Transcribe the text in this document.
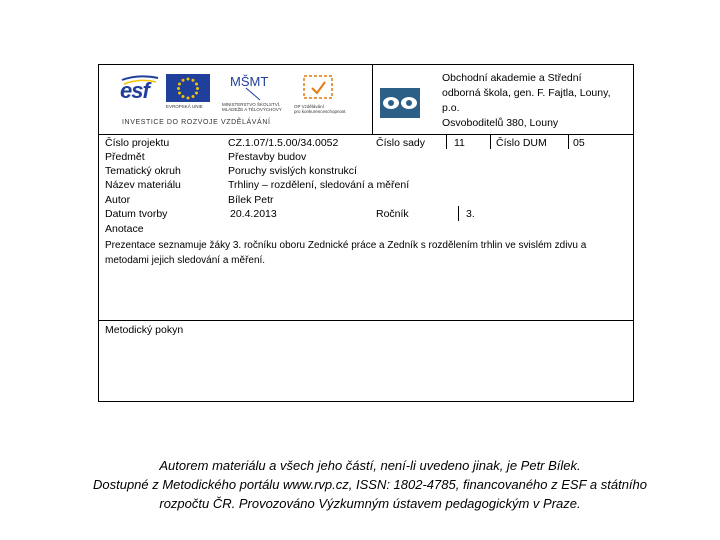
esf
EVROPSKÁ UNIE
MŠMT
MINISTERSTVO ŠKOLSTVÍ,
MLÁDEŽE A TĚLOVÝCHOVY
OP Vzdělávání
pro konkurenceschopnost
INVESTICE DO ROZVOJE VZDĚLÁVÁNÍ
Obchodní akademie a Střední
odborná škola, gen. F. Fajtla, Louny,
p.o.
Osvoboditelů 380, Louny
Číslo projektu	CZ.1.07/1.5.00/34.0052	Číslo sady	11	Číslo DUM 05
Předmět	Přestavby budov
Tematický okruh	Poruchy svislých konstrukcí
Název materiálu	Trhliny – rozdělení, sledování a měření
Autor	Bílek Petr
Datum tvorby	20.4.2013	Ročník	3.
Anotace
Prezentace seznamuje žáky 3. ročníku oboru Zednické práce a Zedník s rozdělením trhlin ve svislém zdivu a metodami jejich sledování a měření.
Metodický pokyn
Autorem materiálu a všech jeho částí, není-li uvedeno jinak, je Petr Bílek.
Dostupné z Metodického portálu www.rvp.cz, ISSN: 1802-4785, financovaného z ESF a státního
rozpočtu ČR. Provozováno Výzkumným ústavem pedagogickým v Praze.
